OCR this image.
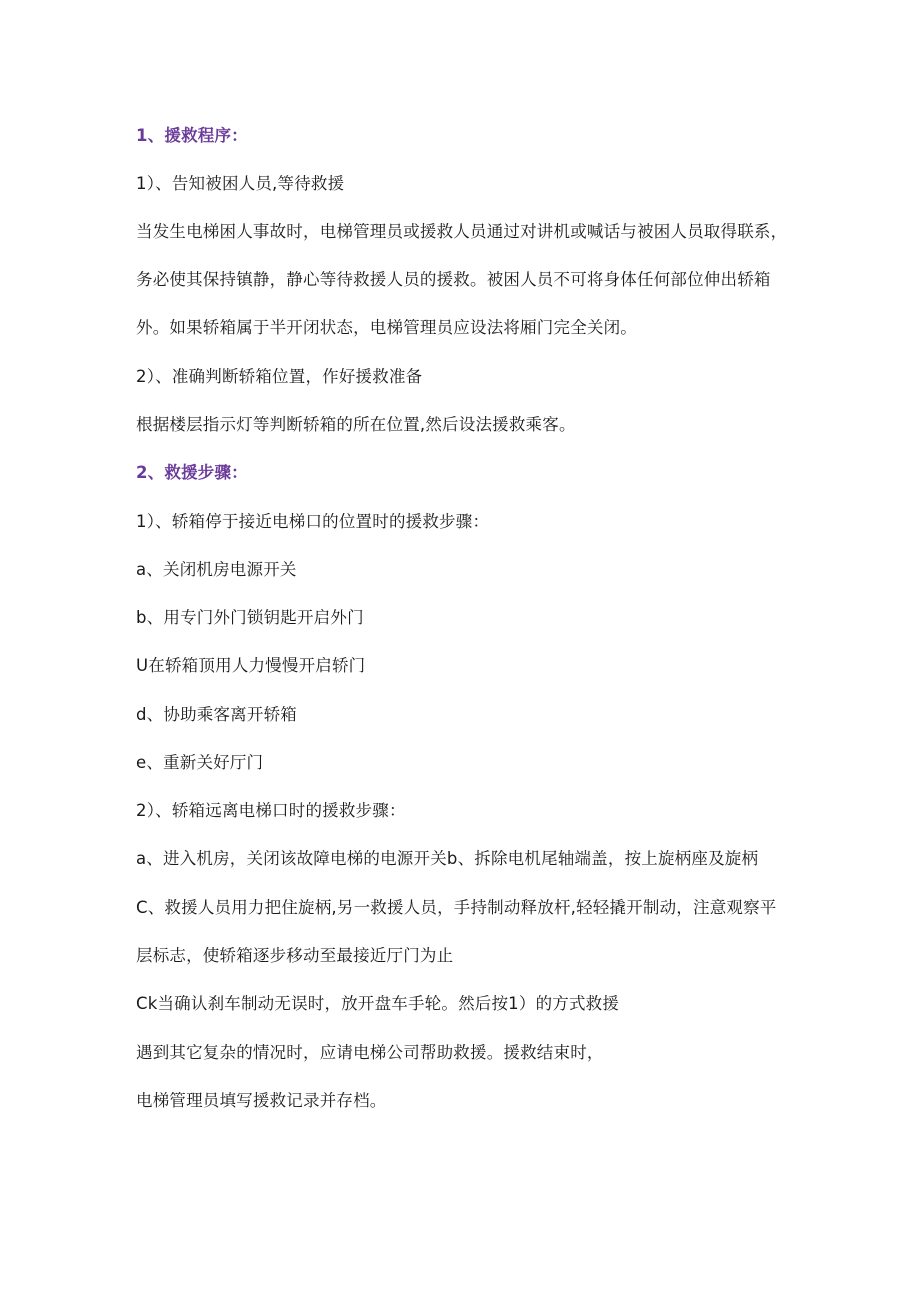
1、援救程序：
1）、告知被困人员,等待救援
当发生电梯困人事故时，电梯管理员或援救人员通过对讲机或喊话与被困人员取得联系，
务必使其保持镇静，静心等待救援人员的援救。被困人员不可将身体任何部位伸出轿箱
外。如果轿箱属于半开闭状态，电梯管理员应设法将厢门完全关闭。
2）、准确判断轿箱位置，作好援救准备
根据楼层指示灯等判断轿箱的所在位置,然后设法援救乘客。
2、救援步骤：
1）、轿箱停于接近电梯口的位置时的援救步骤：
a、关闭机房电源开关
b、用专门外门锁钥匙开启外门
U在轿箱顶用人力慢慢开启轿门
d、协助乘客离开轿箱
e、重新关好厅门
2）、轿箱远离电梯口时的援救步骤：
a、进入机房，关闭该故障电梯的电源开关b、拆除电机尾轴端盖，按上旋柄座及旋柄
C、救援人员用力把住旋柄,另一救援人员，手持制动释放杆,轻轻撬开制动，注意观察平
层标志，使轿箱逐步移动至最接近厅门为止
Ck当确认刹车制动无误时，放开盘车手轮。然后按1）的方式救援
遇到其它复杂的情况时，应请电梯公司帮助救援。援救结束时，
电梯管理员填写援救记录并存档。
